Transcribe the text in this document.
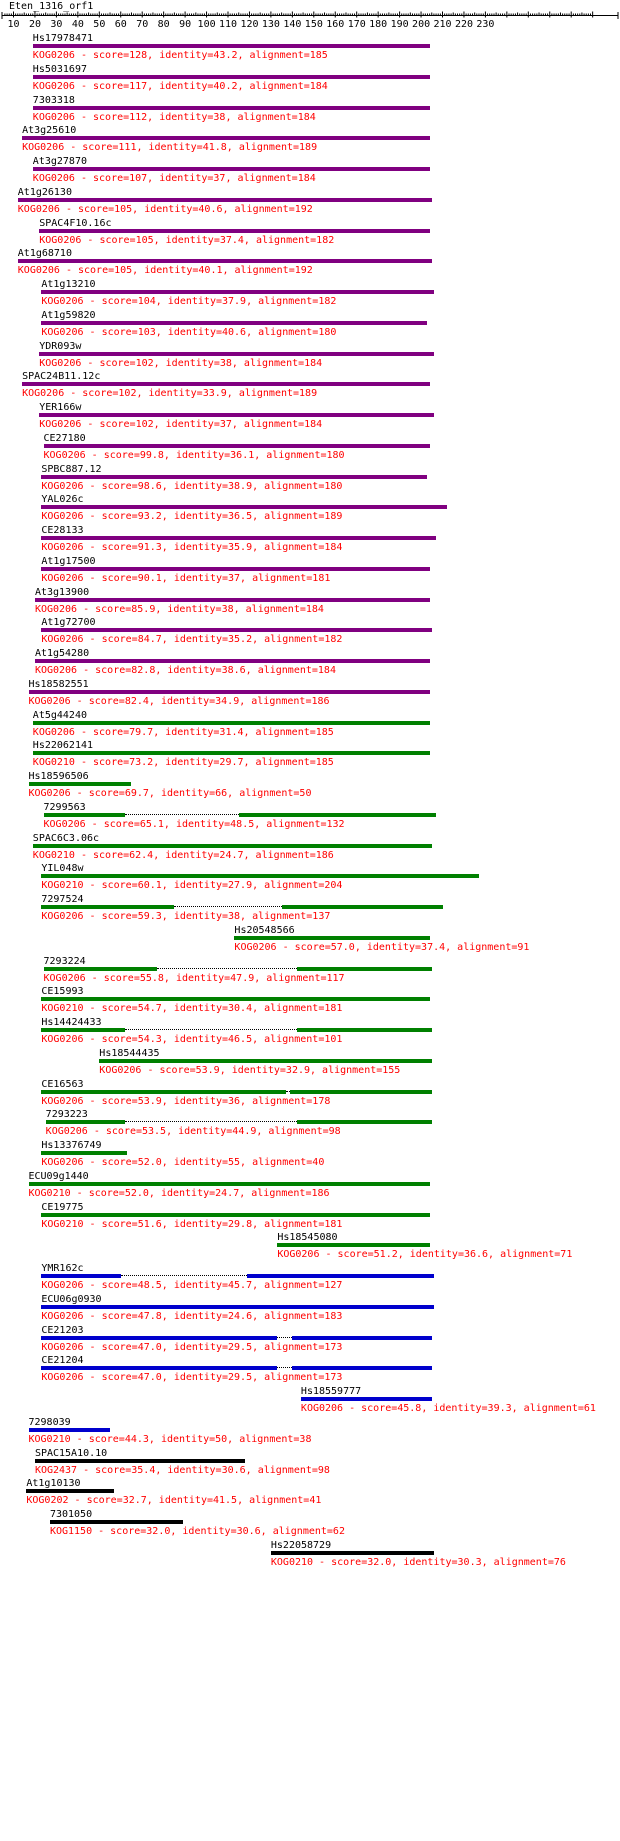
Eten_1316_orf1
10 20 30 40 50 60 70 80 90 100 110 120 130 140 150 160 170 180 190 200 210 220 230
Hs17978471
KOG0206 - score=128, identity=43.2, alignment=185
Hs5031697
KOG0206 - score=117, identity=40.2, alignment=184
7303318
KOG0206 - score=112, identity=38, alignment=184
At3g25610
KOG0206 - score=111, identity=41.8, alignment=189
At3g27870
KOG0206 - score=107, identity=37, alignment=184
At1g26130
KOG0206 - score=105, identity=40.6, alignment=192
SPAC4F10.16c
KOG0206 - score=105, identity=37.4, alignment=182
At1g68710
KOG0206 - score=105, identity=40.1, alignment=192
At1g13210
KOG0206 - score=104, identity=37.9, alignment=182
At1g59820
KOG0206 - score=103, identity=40.6, alignment=180
YDR093w
KOG0206 - score=102, identity=38, alignment=184
SPAC24B11.12c
KOG0206 - score=102, identity=33.9, alignment=189
YER166w
KOG0206 - score=102, identity=37, alignment=184
CE27180
KOG0206 - score=99.8, identity=36.1, alignment=180
SPBC887.12
KOG0206 - score=98.6, identity=38.9, alignment=180
YAL026c
KOG0206 - score=93.2, identity=36.5, alignment=189
CE28133
KOG0206 - score=91.3, identity=35.9, alignment=184
At1g17500
KOG0206 - score=90.1, identity=37, alignment=181
At3g13900
KOG0206 - score=85.9, identity=38, alignment=184
At1g72700
KOG0206 - score=84.7, identity=35.2, alignment=182
At1g54280
KOG0206 - score=82.8, identity=38.6, alignment=184
Hs18582551
KOG0206 - score=82.4, identity=34.9, alignment=186
At5g44240
KOG0206 - score=79.7, identity=31.4, alignment=185
Hs22062141
KOG0210 - score=73.2, identity=29.7, alignment=185
Hs18596506
KOG0206 - score=69.7, identity=66, alignment=50
7299563
KOG0206 - score=65.1, identity=48.5, alignment=132
SPAC6C3.06c
KOG0210 - score=62.4, identity=24.7, alignment=186
YIL048w
KOG0210 - score=60.1, identity=27.9, alignment=204
7297524
KOG0206 - score=59.3, identity=38, alignment=137
Hs20548566
KOG0206 - score=57.0, identity=37.4, alignment=91
7293224
KOG0206 - score=55.8, identity=47.9, alignment=117
CE15993
KOG0210 - score=54.7, identity=30.4, alignment=181
Hs14424433
KOG0206 - score=54.3, identity=46.5, alignment=101
Hs18544435
KOG0206 - score=53.9, identity=32.9, alignment=155
CE16563
KOG0206 - score=53.9, identity=36, alignment=178
7293223
KOG0206 - score=53.5, identity=44.9, alignment=98
Hs13376749
KOG0206 - score=52.0, identity=55, alignment=40
ECU09g1440
KOG0210 - score=52.0, identity=24.7, alignment=186
CE19775
KOG0210 - score=51.6, identity=29.8, alignment=181
Hs18545080
KOG0206 - score=51.2, identity=36.6, alignment=71
YMR162c
KOG0206 - score=48.5, identity=45.7, alignment=127
ECU06g0930
KOG0206 - score=47.8, identity=24.6, alignment=183
CE21203
KOG0206 - score=47.0, identity=29.5, alignment=173
CE21204
KOG0206 - score=47.0, identity=29.5, alignment=173
Hs18559777
KOG0206 - score=45.8, identity=39.3, alignment=61
7298039
KOG0210 - score=44.3, identity=50, alignment=38
SPAC15A10.10
KOG2437 - score=35.4, identity=30.6, alignment=98
At1g10130
KOG0202 - score=32.7, identity=41.5, alignment=41
7301050
KOG1150 - score=32.0, identity=30.6, alignment=62
Hs22058729
KOG0210 - score=32.0, identity=30.3, alignment=76
